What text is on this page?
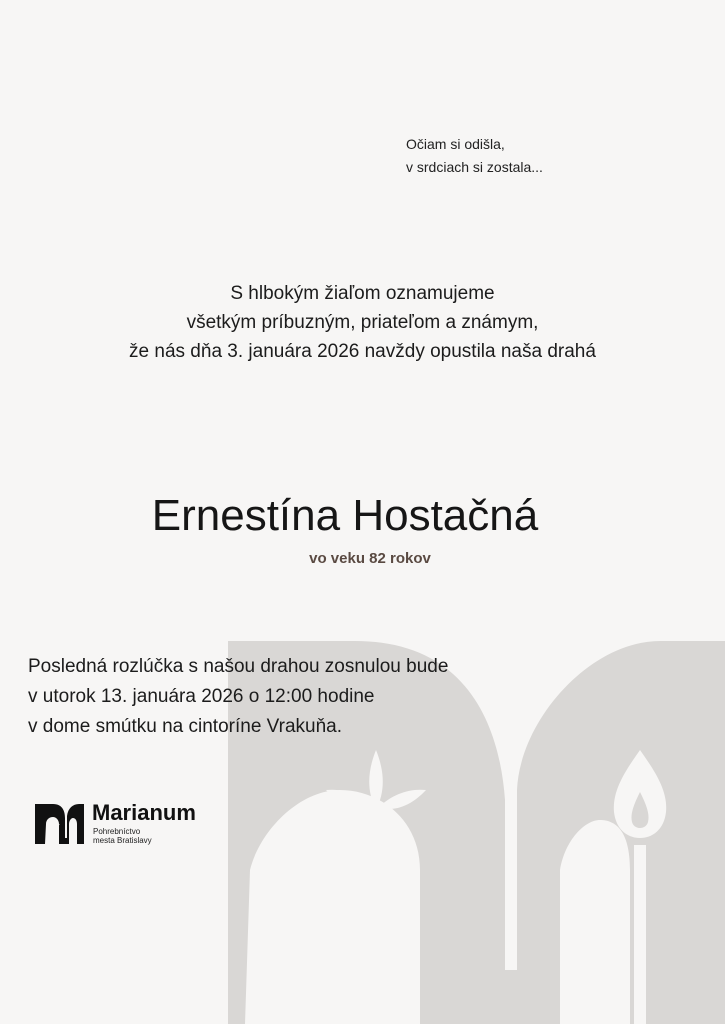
Očiam si odišla,
v srdciach si zostala...
S hlbokým žiaľom oznamujeme
všetkým príbuzným, priateľom a známym,
že nás dňa 3. januára 2026 navždy opustila naša drahá
Ernestína Hostačná
vo veku 82 rokov
Posledná rozlúčka s našou drahou zosnulou bude
v utorok 13. januára 2026 o 12:00 hodine
v dome smútku na cintoríne Vrakuňa.
Marianum
Pohrebníctvo
mesta Bratislavy
